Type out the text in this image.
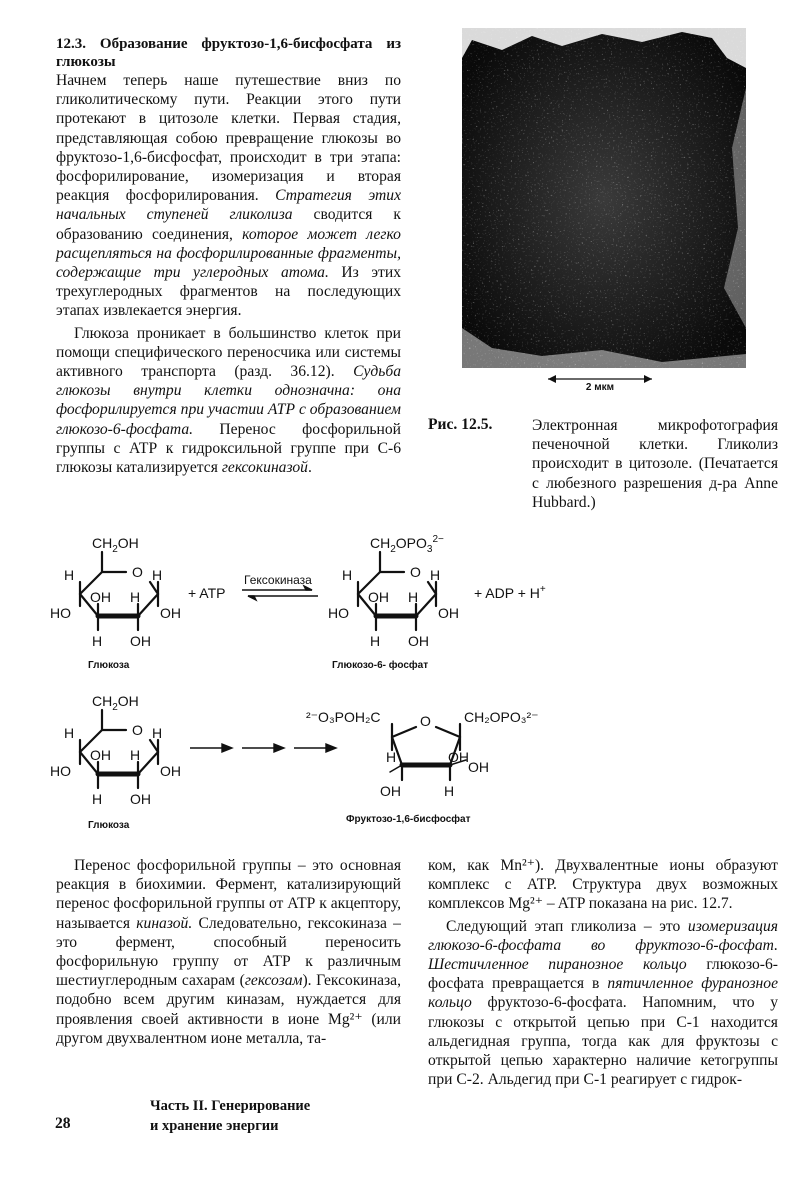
12.3. Образование фруктозо-1,6-бисфосфата из глюкозы

Начнем теперь наше путешествие вниз по гликолитическому пути. Реакции этого пути протекают в цитозоле клетки. Первая стадия, представляющая собою превращение глюкозы во фруктозо-1,6-бисфосфат, происходит в три этапа: фосфорилирование, изомеризация и вторая реакция фосфорилирования. Стратегия этих начальных ступеней гликолиза сводится к образованию соединения, которое может легко расщепляться на фосфорилированные фрагменты, содержащие три углеродных атома. Из этих трехуглеродных фрагментов на последующих этапах извлекается энергия.

Глюкоза проникает в большинство клеток при помощи специфического переносчика или системы активного транспорта (разд. 36.12). Судьба глюкозы внутри клетки однозначна: она фосфорилируется при участии АТР с образованием глюкозо-6-фосфата. Перенос фосфорильной группы с АТР к гидроксильной группе при С-6 глюкозы катализируется гексокиназой.

2 мкм
Рис. 12.5.	Электронная микрофотография печеночной клетки. Гликолиз происходит в цитозоле. (Печатается с любезного разрешения д-ра Anne Hubbard.)
$CH_2OH$
O
H	H
HO
OH H
OH
H OH
+ ATP
Гексокиназа
$CH_2OPO_3^{2-}$
O
H	H
HO
OH H
OH
H OH
+ ADP + H+
$CH_2OH$
O
H	H
HO
OH H
OH
H OH
²⁻O₃POH₂C	O CH₂OPO₃²⁻
H	OH
OH
OH	H
Глюкоза	Глюкозо-6- фосфат
Глюкоза
Фруктозо-1,6-бисфосфат

Перенос фосфорильной группы – это основная реакция в биохимии. Фермент, катализирующий перенос фосфорильной группы от АТР к акцептору, называется киназой. Следовательно, гексокиназа – это фермент, способный переносить фосфорильную группу от АТР к различным шестиуглеродным сахарам (гексозам). Гексокиназа, подобно всем другим киназам, нуждается для проявления своей активности в ионе Mg²⁺ (или другом двухвалентном ионе металла, та-

ком, как Mn²⁺). Двухвалентные ионы образуют комплекс с АТР. Структура двух возможных комплексов Mg²⁺ – ATP показана на рис. 12.7.

Следующий этап гликолиза – это изомеризация глюкозо-6-фосфата во фруктозо-6-фосфат. Шестичленное пиранозное кольцо глюкозо-6-фосфата превращается в пятичленное фуранозное кольцо фруктозо-6-фосфата. Напомним, что у глюкозы с открытой цепью при С-1 находится альдегидная группа, тогда как для фруктозы с открытой цепью характерно наличие кетогруппы при С-2. Альдегид при С-1 реагирует с гидрок-

Часть II. Генерирование
и хранение энергии
28
